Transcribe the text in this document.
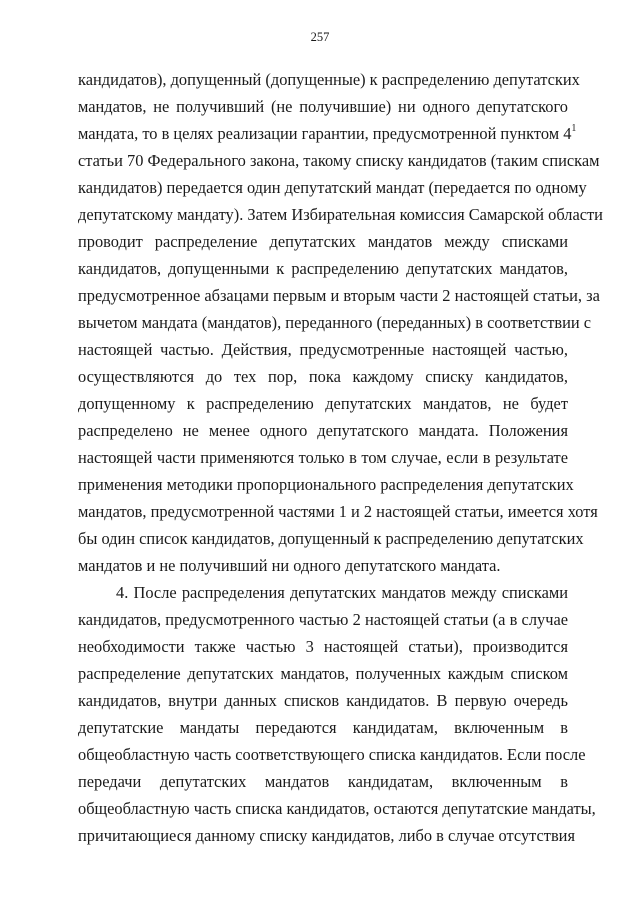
257
кандидатов), допущенный (допущенные) к распределению депутатских
мандатов, не получивший (не получившие) ни одного депутатского
мандата, то в целях реализации гарантии, предусмотренной пунктом $4^1$
статьи 70 Федерального закона, такому списку кандидатов (таким спискам
кандидатов) передается один депутатский мандат (передается по одному
депутатскому мандату). Затем Избирательная комиссия Самарской области
проводит распределение депутатских мандатов между списками
кандидатов, допущенными к распределению депутатских мандатов,
предусмотренное абзацами первым и вторым части 2 настоящей статьи, за
вычетом мандата (мандатов), переданного (переданных) в соответствии с
настоящей частью. Действия, предусмотренные настоящей частью,
осуществляются до тех пор, пока каждому списку кандидатов,
допущенному к распределению депутатских мандатов, не будет
распределено не менее одного депутатского мандата. Положения
настоящей части применяются только в том случае, если в результате
применения методики пропорционального распределения депутатских
мандатов, предусмотренной частями 1 и 2 настоящей статьи, имеется хотя
бы один список кандидатов, допущенный к распределению депутатских
мандатов и не получивший ни одного депутатского мандата.
4. После распределения депутатских мандатов между списками
кандидатов, предусмотренного частью 2 настоящей статьи (а в случае
необходимости также частью 3 настоящей статьи), производится
распределение депутатских мандатов, полученных каждым списком
кандидатов, внутри данных списков кандидатов. В первую очередь
депутатские мандаты передаются кандидатам, включенным в
общеобластную часть соответствующего списка кандидатов. Если после
передачи депутатских мандатов кандидатам, включенным в
общеобластную часть списка кандидатов, остаются депутатские мандаты,
причитающиеся данному списку кандидатов, либо в случае отсутствия
